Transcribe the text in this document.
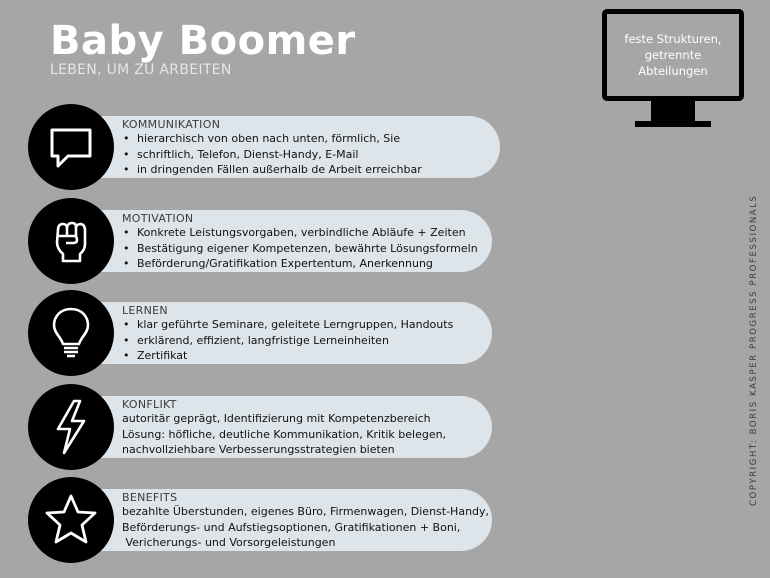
Baby Boomer
LEBEN, UM ZU ARBEITEN
feste Strukturen,
getrennte
Abteilungen
KOMMUNIKATION
• hierarchisch von oben nach unten, förmlich, Sie
• schriftlich, Telefon, Dienst-Handy, E-Mail
• in dringenden Fällen außerhalb de Arbeit erreichbar
MOTIVATION
• Konkrete Leistungsvorgaben, verbindliche Abläufe + Zeiten
• Bestätigung eigener Kompetenzen, bewährte Lösungsformeln
• Beförderung/Gratifikation Expertentum, Anerkennung
LERNEN
• klar geführte Seminare, geleitete Lerngruppen, Handouts
• erklärend, effizient, langfristige Lerneinheiten
• Zertifikat
KONFLIKT
autoritär geprägt, Identifizierung mit Kompetenzbereich
Lösung: höfliche, deutliche Kommunikation, Kritik belegen,
nachvollziehbare Verbesserungsstrategien bieten
BENEFITS
bezahlte Überstunden, eigenes Büro, Firmenwagen, Dienst-Handy,
Beförderungs- und Aufstiegsoptionen, Gratifikationen + Boni,
Vericherungs- und Vorsorgeleistungen
COPYRIGHT: BORIS KASPER PROGRESS PROFESSIONALS
